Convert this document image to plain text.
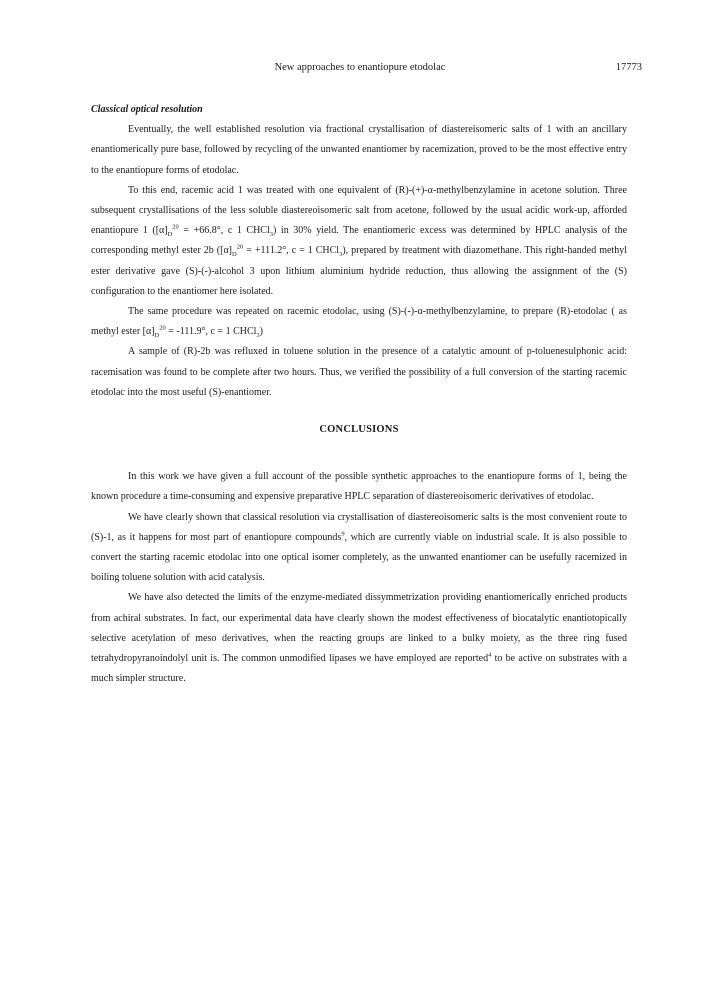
New approaches to enantiopure etodolac	17773
Classical optical resolution

Eventually, the well established resolution via fractional crystallisation of diastereisomeric salts of 1 with an ancillary enantiomerically pure base, followed by recycling of the unwanted enantiomer by racemization, proved to be the most effective entry to the enantiopure forms of etodolac.

To this end, racemic acid 1 was treated with one equivalent of (R)-(+)-α-methylbenzylamine in acetone solution. Three subsequent crystallisations of the less soluble diastereoisomeric salt from acetone, followed by the usual acidic work-up, afforded enantiopure 1 ($[\alpha]_D^{20} = +66.8^\circ$, c 1 CHCl$_3$) in 30% yield. The enantiomeric excess was determined by HPLC analysis of the corresponding methyl ester 2b ($[\alpha]_D^{20} = +111.2^\circ$, c = 1 CHCl$_3$), prepared by treatment with diazomethane. This right-handed methyl ester derivative gave (S)-(-)-alcohol 3 upon lithium aluminium hydride reduction, thus allowing the assignment of the (S) configuration to the enantiomer here isolated.

The same procedure was repeated on racemic etodolac, using (S)-(-)-α-methylbenzylamine, to prepare (R)-etodolac ( as methyl ester $[\alpha]_D^{20} = -111.9^\circ$, c = 1 CHCl$_3$)

A sample of (R)-2b was refluxed in toluene solution in the presence of a catalytic amount of p-toluenesulphonic acid: racemisation was found to be complete after two hours. Thus, we verified the possibility of a full conversion of the starting racemic etodolac into the most useful (S)-enantiomer.

CONCLUSIONS

In this work we have given a full account of the possible synthetic approaches to the enantiopure forms of 1, being the known procedure a time-consuming and expensive preparative HPLC separation of diastereoisomeric derivatives of etodolac.

We have clearly shown that classical resolution via crystallisation of diastereoisomeric salts is the most convenient route to (S)-1, as it happens for most part of enantiopure compounds$^9$, which are currently viable on industrial scale. It is also possible to convert the starting racemic etodolac into one optical isomer completely, as the unwanted enantiomer can be usefully racemized in boiling toluene solution with acid catalysis.

We have also detected the limits of the enzyme-mediated dissymmetrization providing enantiomerically enriched products from achiral substrates. In fact, our experimental data have clearly shown the modest effectiveness of biocatalytic enantiotopically selective acetylation of meso derivatives, when the reacting groups are linked to a bulky moiety, as the three ring fused tetrahydropyranoindolyl unit is. The common unmodified lipases we have employed are reported$^4$ to be active on substrates with a much simpler structure.
